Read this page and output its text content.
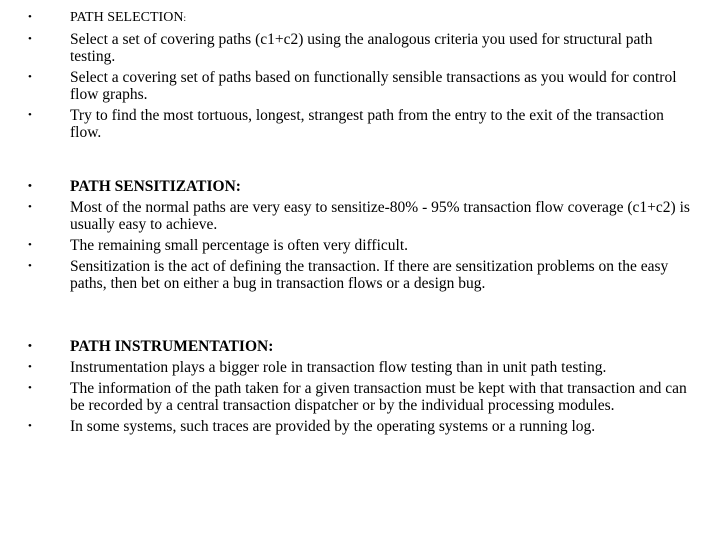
•	PATH SELECTION:
• Select a set of covering paths (c1+c2) using the analogous criteria you used for structural path testing.
• Select a covering set of paths based on functionally sensible transactions as you would for control flow graphs.
• Try to find the most tortuous, longest, strangest path from the entry to the exit of the transaction flow.
• PATH SENSITIZATION:
• Most of the normal paths are very easy to sensitize-80% - 95% transaction flow coverage (c1+c2) is usually easy to achieve.
• The remaining small percentage is often very difficult.
• Sensitization is the act of defining the transaction. If there are sensitization problems on the easy paths, then bet on either a bug in transaction flows or a design bug.
• PATH INSTRUMENTATION:
• Instrumentation plays a bigger role in transaction flow testing than in unit path testing.
• The information of the path taken for a given transaction must be kept with that transaction and can be recorded by a central transaction dispatcher or by the individual processing modules.
• In some systems, such traces are provided by the operating systems or a running log.
